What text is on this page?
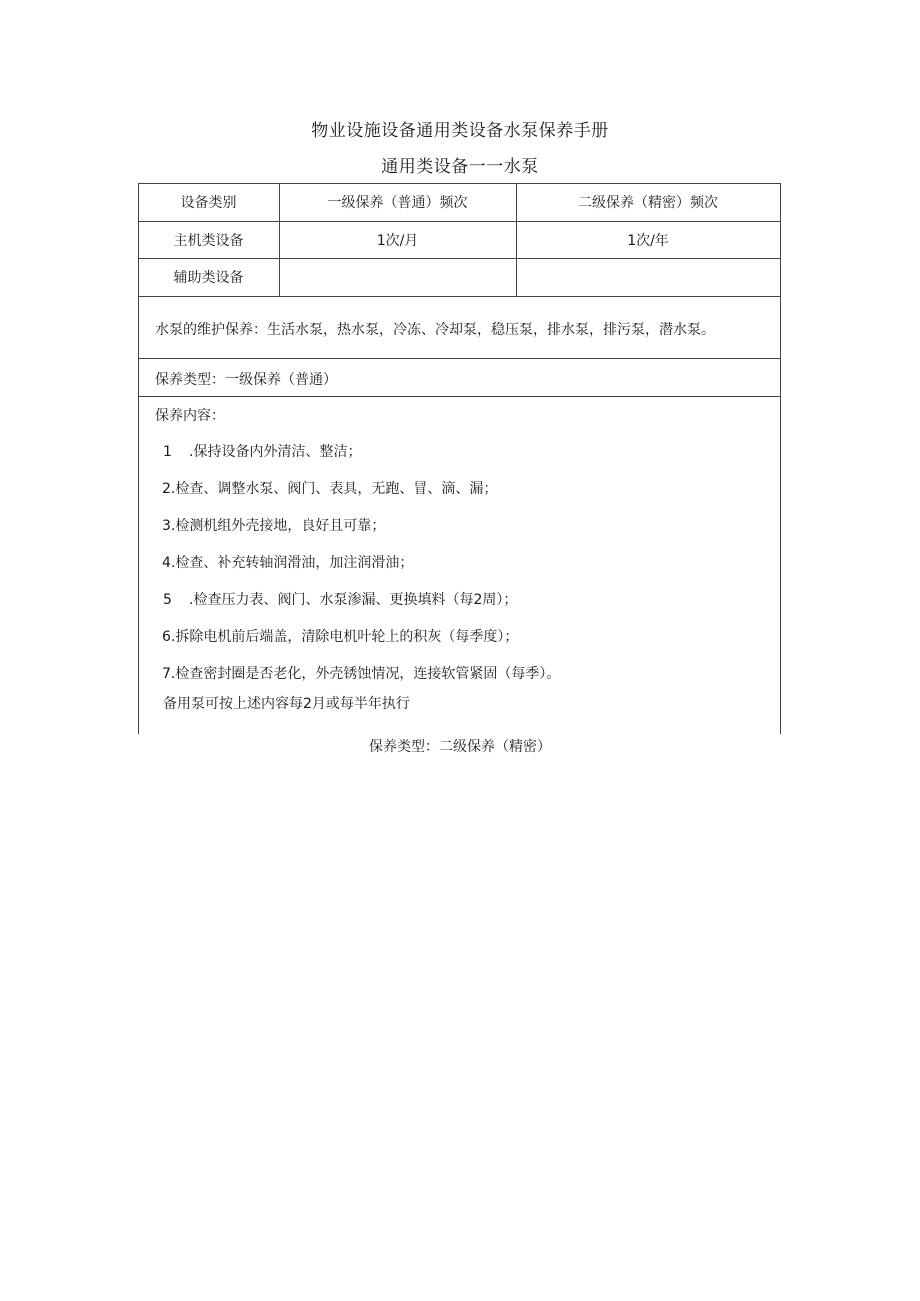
物业设施设备通用类设备水泵保养手册
通用类设备一一水泵
设备类别	一级保养（普通）频次	二级保养（精密）频次
主机类设备	1次/月	1次/年
辅助类设备
水泵的维护保养：生活水泵，热水泵，冷冻、冷却泵，稳压泵，排水泵，排污泵，潜水泵。
保养类型：一级保养（普通）
保养内容：
1 .保持设备内外清洁、整洁；
2.检查、调整水泵、阀门、表具，无跑、冒、滴、漏；
3.检测机组外壳接地，良好且可靠；
4.检查、补充转轴润滑油，加注润滑油；
5 .检查压力表、阀门、水泵渗漏、更换填料（每2周）；
6.拆除电机前后端盖，清除电机叶轮上的积灰（每季度）；
7.检查密封圈是否老化，外壳锈蚀情况，连接软管紧固（每季）。
备用泵可按上述内容每2月或每半年执行
保养类型：二级保养（精密）
